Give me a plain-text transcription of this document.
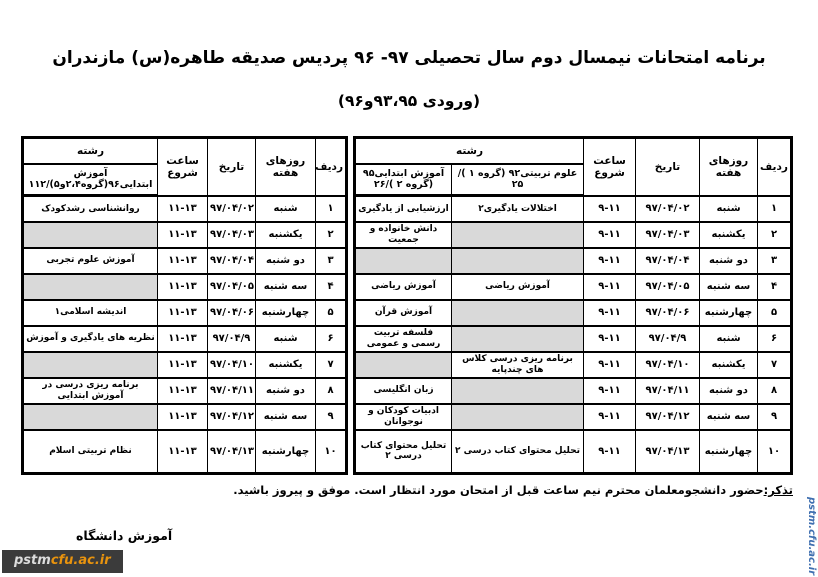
برنامه امتحانات نیمسال دوم سال تحصیلی ۹۷- ۹۶ پردیس صدیقه طاهره(س) مازندران
(ورودی ۹۳،۹۵و۹۶)
ردیف	روزهای هفته	تاریخ	ساعت شروع	رشته	
				علوم تربیتی۹۲ (گروه ۱ )/۲۵	آموزش ابتدایی۹۵ (گروه ۲ )/۲۶
۱	شنبه	۹۷/۰۴/۰۲	۹-۱۱	اختلالات یادگیری۲	ارزشیابی از یادگیری
۲	یکشنبه	۹۷/۰۴/۰۳	۹-۱۱		دانش خانواده و جمعیت
۳	دو شنبه	۹۷/۰۴/۰۴	۹-۱۱		
۴	سه شنبه	۹۷/۰۴/۰۵	۹-۱۱	آموزش ریاضی	آموزش ریاضی
۵	چهارشنبه	۹۷/۰۴/۰۶	۹-۱۱		آموزش قرآن
۶	شنبه	۹۷/۰۴/۹	۹-۱۱		فلسفه تربیت رسمی و عمومی
۷	یکشنبه	۹۷/۰۴/۱۰	۹-۱۱	برنامه ریزی درسی کلاس های چندپایه	
۸	دو شنبه	۹۷/۰۴/۱۱	۹-۱۱		زبان انگلیسی
۹	سه شنبه	۹۷/۰۴/۱۲	۹-۱۱		ادبیات کودکان و نوجوانان
۱۰	چهارشنبه	۹۷/۰۴/۱۳	۹-۱۱	تحلیل محتوای کتاب درسی ۲	تحلیل محتوای کتاب درسی ۲
ردیف	روزهای هفته	تاریخ	ساعت شروع	رشته
				آموزش ابتدایی۹۶(گروه۲،۴و۵)/۱۱۲
۱	شنبه	۹۷/۰۴/۰۲	۱۱-۱۳	روانشناسی رشدکودک
۲	یکشنبه	۹۷/۰۴/۰۳	۱۱-۱۳	
۳	دو شنبه	۹۷/۰۴/۰۴	۱۱-۱۳	آموزش علوم تجربی
۴	سه شنبه	۹۷/۰۴/۰۵	۱۱-۱۳	
۵	چهارشنبه	۹۷/۰۴/۰۶	۱۱-۱۳	اندیشه اسلامی۱
۶	شنبه	۹۷/۰۴/۹	۱۱-۱۳	نظریه های یادگیری و آموزش
۷	یکشنبه	۹۷/۰۴/۱۰	۱۱-۱۳	
۸	دو شنبه	۹۷/۰۴/۱۱	۱۱-۱۳	برنامه ریزی درسی در آموزش ابتدایی
۹	سه شنبه	۹۷/۰۴/۱۲	۱۱-۱۳	
۱۰	چهارشنبه	۹۷/۰۴/۱۳	۱۱-۱۳	نظام تربیتی اسلام
تذکر:حضور دانشجومعلمان محترم نیم ساعت قبل از امتحان مورد انتظار است. موفق و پیروز باشید.
آموزش دانشگاه
pstmcfu.ac.ir	pstm.cfu.ac.ir
